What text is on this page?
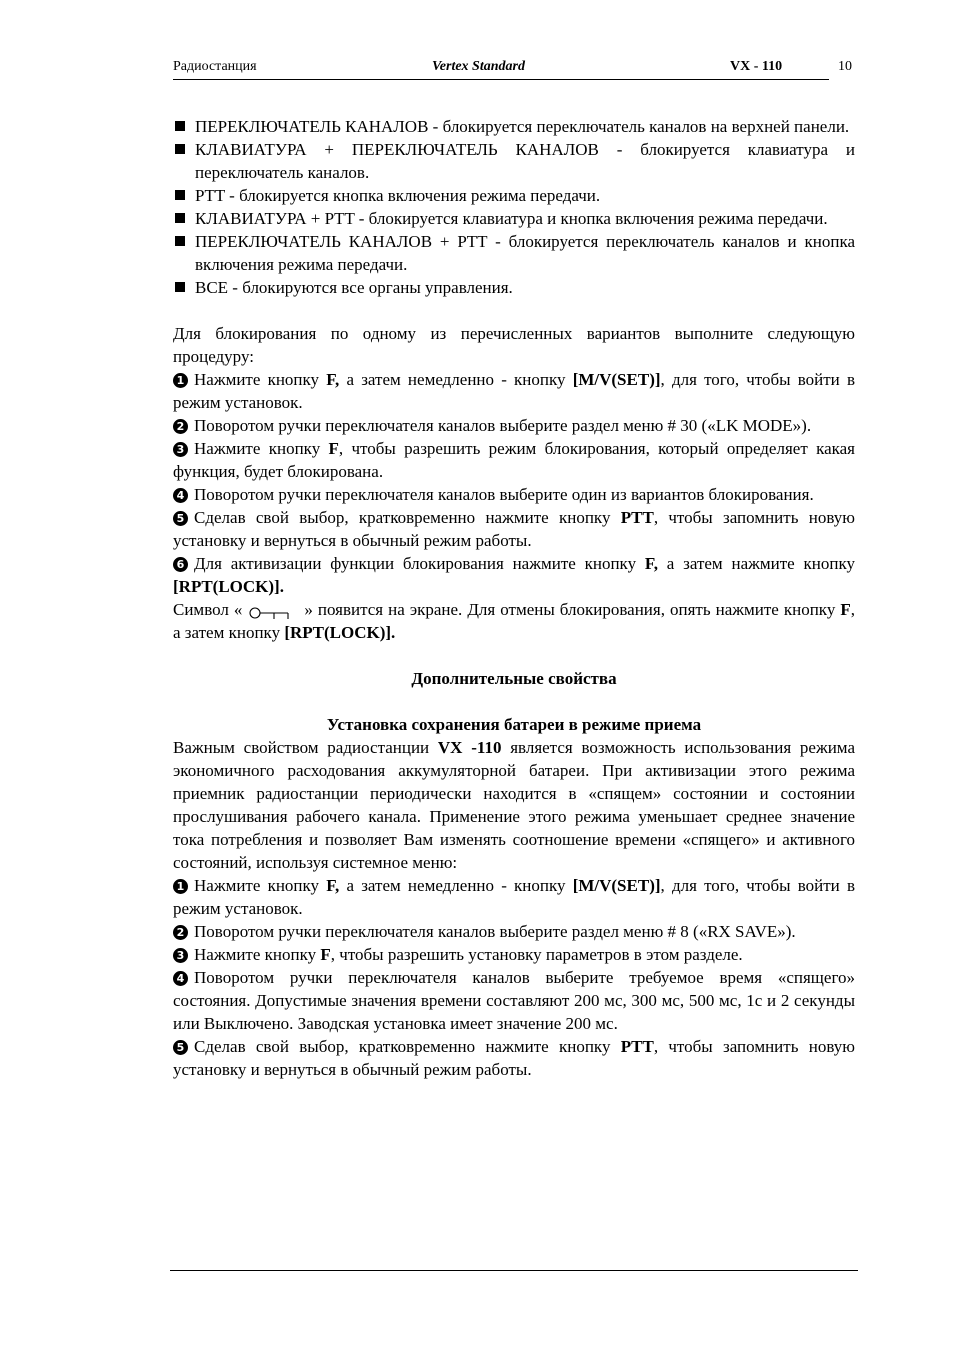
Радиостанция	Vertex Standard	VX - 110	10
ПЕРЕКЛЮЧАТЕЛЬ КАНАЛОВ - блокируется переключатель каналов на верхней панели.
КЛАВИАТУРА + ПЕРЕКЛЮЧАТЕЛЬ КАНАЛОВ - блокируется клавиатура и переключатель каналов.
PTT - блокируется кнопка включения режима передачи.
КЛАВИАТУРА + PTT - блокируется клавиатура и кнопка включения режима передачи.
ПЕРЕКЛЮЧАТЕЛЬ КАНАЛОВ + PTT - блокируется переключатель каналов и кнопка включения режима передачи.
ВСЕ - блокируются все органы управления.

Для блокирования по одному из перечисленных вариантов выполните следующую процедуру:

1 Нажмите кнопку F, а затем немедленно - кнопку [M/V(SET)], для того, чтобы войти в режим установок.

2 Поворотом ручки переключателя каналов выберите раздел меню # 30 («LK MODE»).

3 Нажмите кнопку F, чтобы разрешить режим блокирования, который определяет какая функция, будет блокирована.

4 Поворотом ручки переключателя каналов выберите один из вариантов блокирования.

5 Сделав свой выбор, кратковременно нажмите кнопку PTT, чтобы запомнить новую установку и вернуться в обычный режим работы.

6 Для активизации функции блокирования нажмите кнопку F, а затем нажмите кнопку [RPT(LOCK)].

Символ «	» появится на экране. Для отмены блокирования, опять нажмите кнопку F, а затем кнопку [RPT(LOCK)].

Дополнительные свойства

Установка сохранения батареи в режиме приема

Важным свойством радиостанции VX -110 является возможность использования режима экономичного расходования аккумуляторной батареи. При активизации этого режима приемник радиостанции периодически находится в «спящем» состоянии и состоянии прослушивания рабочего канала. Применение этого режима уменьшает среднее значение тока потребления и позволяет Вам изменять соотношение времени «спящего» и активного состояний, используя системное меню:

1 Нажмите кнопку F, а затем немедленно - кнопку [M/V(SET)], для того, чтобы войти в режим установок.

2 Поворотом ручки переключателя каналов выберите раздел меню # 8 («RX SAVE»).

3 Нажмите кнопку F, чтобы разрешить установку параметров в этом разделе.

4 Поворотом ручки переключателя каналов выберите требуемое время «спящего» состояния. Допустимые значения времени составляют 200 мс, 300 мс, 500 мс, 1с и 2 секунды или Выключено. Заводская установка имеет значение 200 мс.

5 Сделав свой выбор, кратковременно нажмите кнопку PTT, чтобы запомнить новую установку и вернуться в обычный режим работы.
